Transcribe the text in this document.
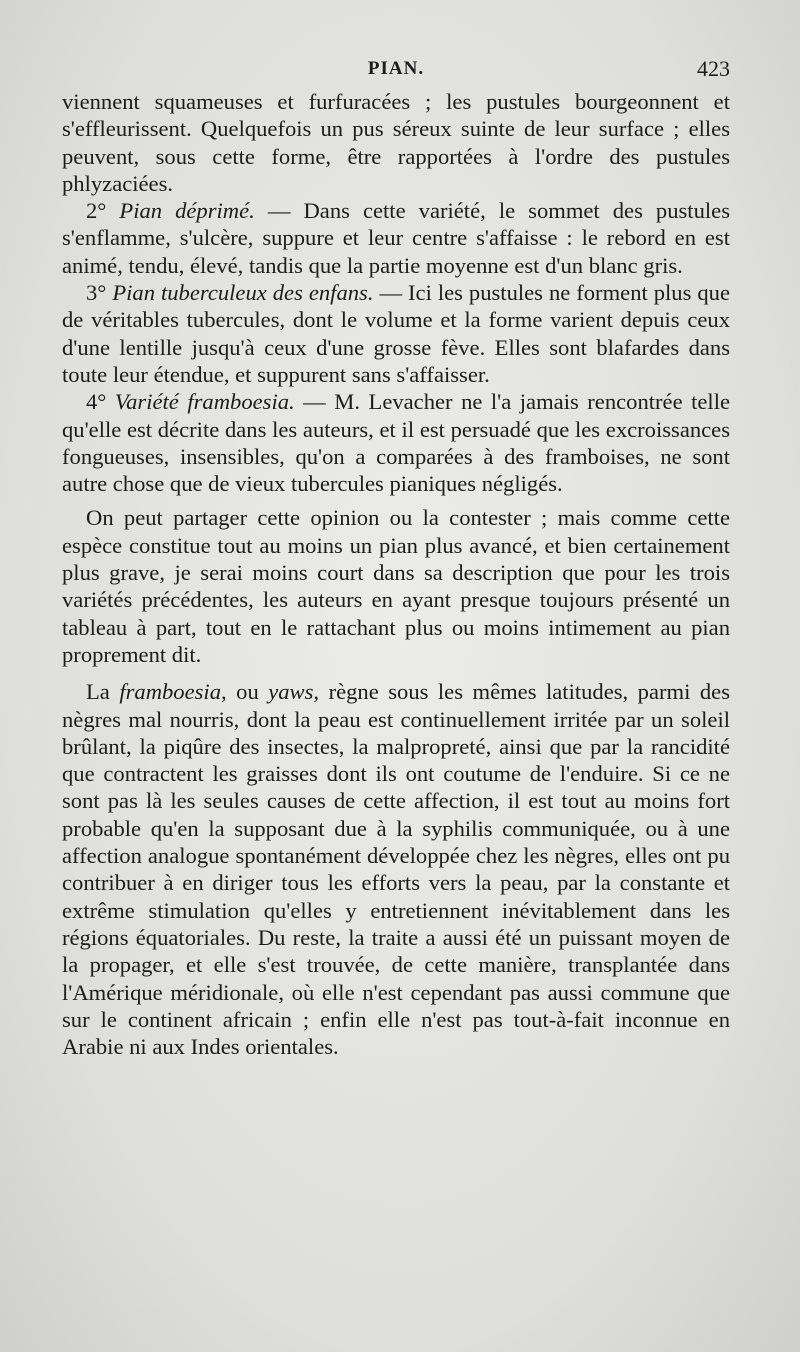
PIAN.	423

viennent squameuses et furfuracées ; les pustules bourgeonnent et s'effleurissent. Quelquefois un pus séreux suinte de leur surface ; elles peuvent, sous cette forme, être rapportées à l'ordre des pustules phlyzaciées.

2° Pian déprimé. — Dans cette variété, le sommet des pustules s'enflamme, s'ulcère, suppure et leur centre s'affaisse : le rebord en est animé, tendu, élevé, tandis que la partie moyenne est d'un blanc gris.

3° Pian tuberculeux des enfans. — Ici les pustules ne forment plus que de véritables tubercules, dont le volume et la forme varient depuis ceux d'une lentille jusqu'à ceux d'une grosse fève. Elles sont blafardes dans toute leur étendue, et suppurent sans s'affaisser.

4° Variété framboesia. — M. Levacher ne l'a jamais rencontrée telle qu'elle est décrite dans les auteurs, et il est persuadé que les excroissances fongueuses, insensibles, qu'on a comparées à des framboises, ne sont autre chose que de vieux tubercules pianiques négligés.

On peut partager cette opinion ou la contester ; mais comme cette espèce constitue tout au moins un pian plus avancé, et bien certainement plus grave, je serai moins court dans sa description que pour les trois variétés précédentes, les auteurs en ayant presque toujours présenté un tableau à part, tout en le rattachant plus ou moins intimement au pian proprement dit.

La framboesia, ou yaws, règne sous les mêmes latitudes, parmi des nègres mal nourris, dont la peau est continuellement irritée par un soleil brûlant, la piqûre des insectes, la malpropreté, ainsi que par la rancidité que contractent les graisses dont ils ont coutume de l'enduire. Si ce ne sont pas là les seules causes de cette affection, il est tout au moins fort probable qu'en la supposant due à la syphilis communiquée, ou à une affection analogue spontanément développée chez les nègres, elles ont pu contribuer à en diriger tous les efforts vers la peau, par la constante et extrême stimulation qu'elles y entretiennent inévitablement dans les régions équatoriales. Du reste, la traite a aussi été un puissant moyen de la propager, et elle s'est trouvée, de cette manière, transplantée dans l'Amérique méridionale, où elle n'est cependant pas aussi commune que sur le continent africain ; enfin elle n'est pas tout-à-fait inconnue en Arabie ni aux Indes orientales.
